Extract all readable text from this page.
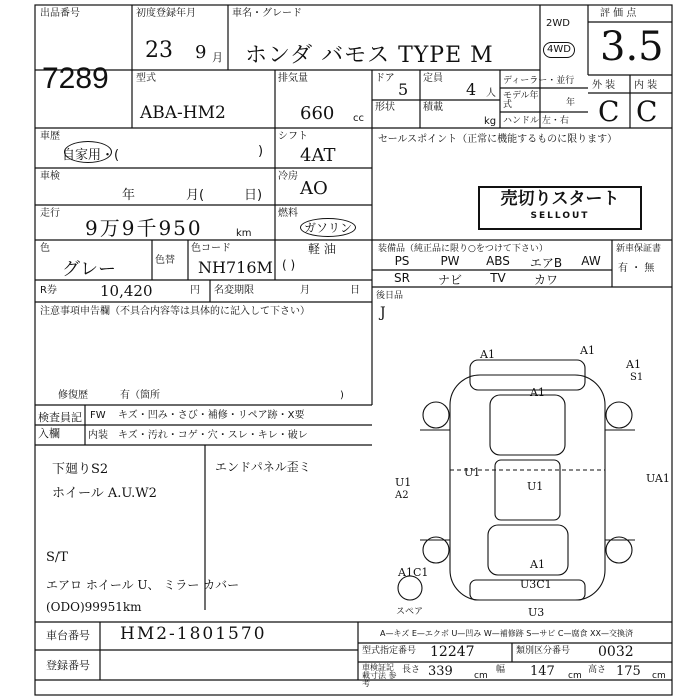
出品番号
7289
初度登録年月
23 9 月
車名・グレード
ホンダ バモス TYPE M
2WD
4WD
評 価 点
3.5
外 装 内 装
C C
型式
ABA-HM2
排気量
660 cc
ドア
5
定員
4 人
形状	積載
kg
ディーラー・並行
モデル年式	年
ハンドル 左・右
車歴
自家用・(	)
シフト
4AT
車検
年	月(	日)
冷房
AO
走行
9万9千950	km
燃料
ガソリン
軽 油
( )
色
グレー	色替
色コード
NH716M
R券	10,420	円 名変期限	月	日
セールスポイント（正常に機能するものに限ります）
売切りスタート
SELLOUT
装備品（純正品に限り○をつけて下さい）	新車保証書
有 ・ 無
PS	PW	ABS	エアB	AW
SR	ナビ	TV	カワ
後日品
J
注意事項申告欄（不具合内容等は具体的に記入して下さい）
修復歴	有（箇所	)
検査員記入欄
FW キズ・凹み・さび・補修・リペア跡・X要
内装 キズ・汚れ・コゲ・穴・スレ・キレ・破レ
下廻りS2
ホイール A.U.W2
エンドパネル歪ミ
S/T
エアロ ホイール U、 ミラー カバー
(ODO)99951km
A1	A1
A1
A1
S1
U1	U1
U1
A2
UA1
A1
A1C1
U3C1
U3
スペア
A—キズ E—エクボ U—凹み W—補修跡 S—サビ C—腐食 XX—交換済
車台番号 HM2-1801570
登録番号
型式指定番号 12247	類別区分番号 0032
車検証記載寸法 参考
長さ 339 cm
幅 147 cm
高さ 175 cm
